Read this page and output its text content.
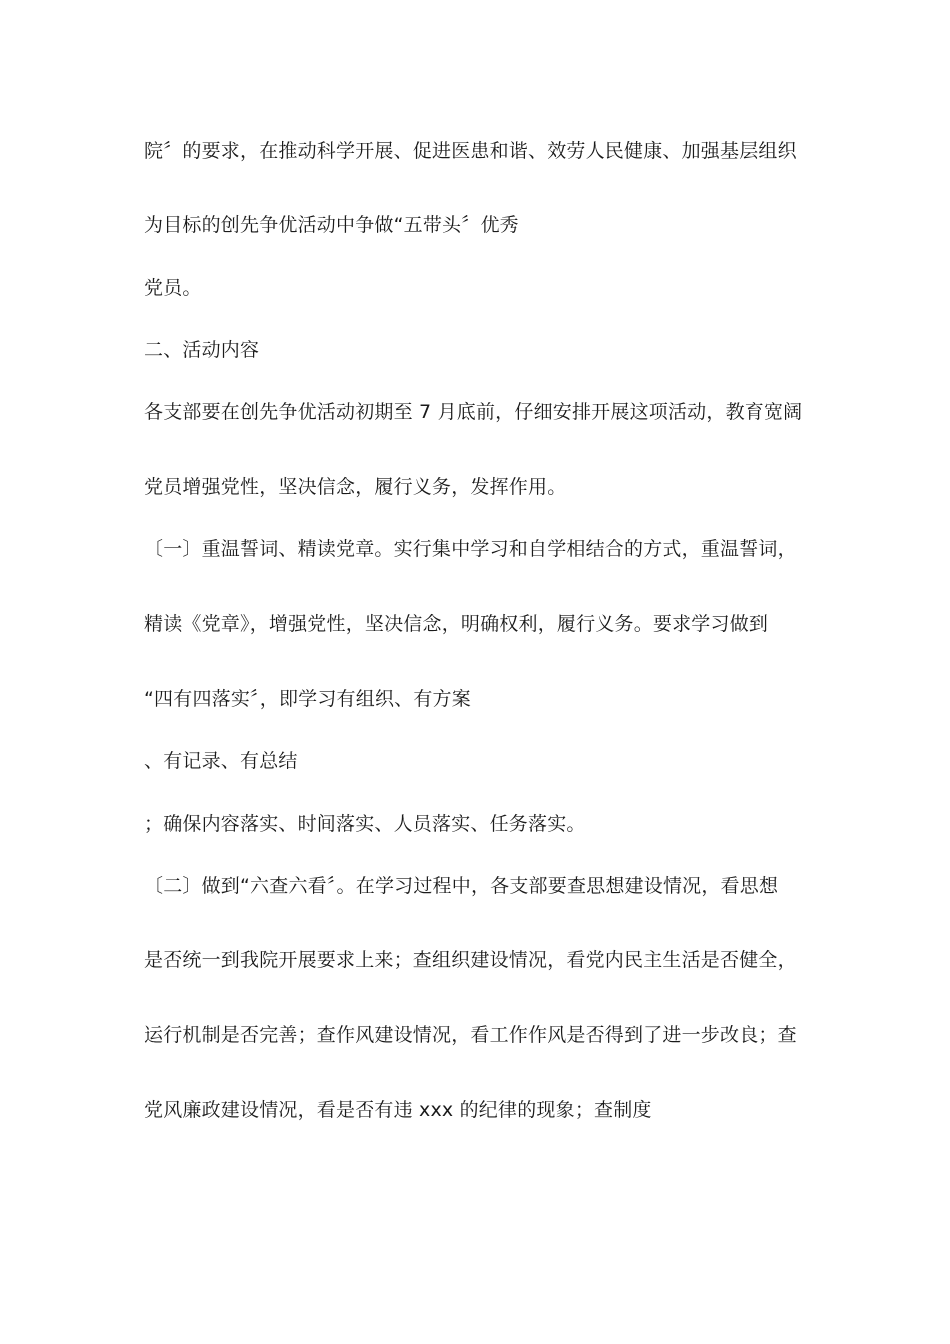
院〞的要求，在推动科学开展、促进医患和谐、效劳人民健康、加强基层组织

为目标的创先争优活动中争做“五带头〞优秀

党员。

二、活动内容

各支部要在创先争优活动初期至 7 月底前，仔细安排开展这项活动，教育宽阔

党员增强党性，坚决信念，履行义务，发挥作用。

〔一〕重温誓词、精读党章。实行集中学习和自学相结合的方式，重温誓词，

精读《党章》，增强党性，坚决信念，明确权利，履行义务。要求学习做到

“四有四落实〞，即学习有组织、有方案

、有记录、有总结

；确保内容落实、时间落实、人员落实、任务落实。

〔二〕做到“六查六看〞。在学习过程中，各支部要查思想建设情况，看思想

是否统一到我院开展要求上来；查组织建设情况，看党内民主生活是否健全，

运行机制是否完善；查作风建设情况，看工作作风是否得到了进一步改良；查

党风廉政建设情况，看是否有违 xxx 的纪律的现象；查制度
